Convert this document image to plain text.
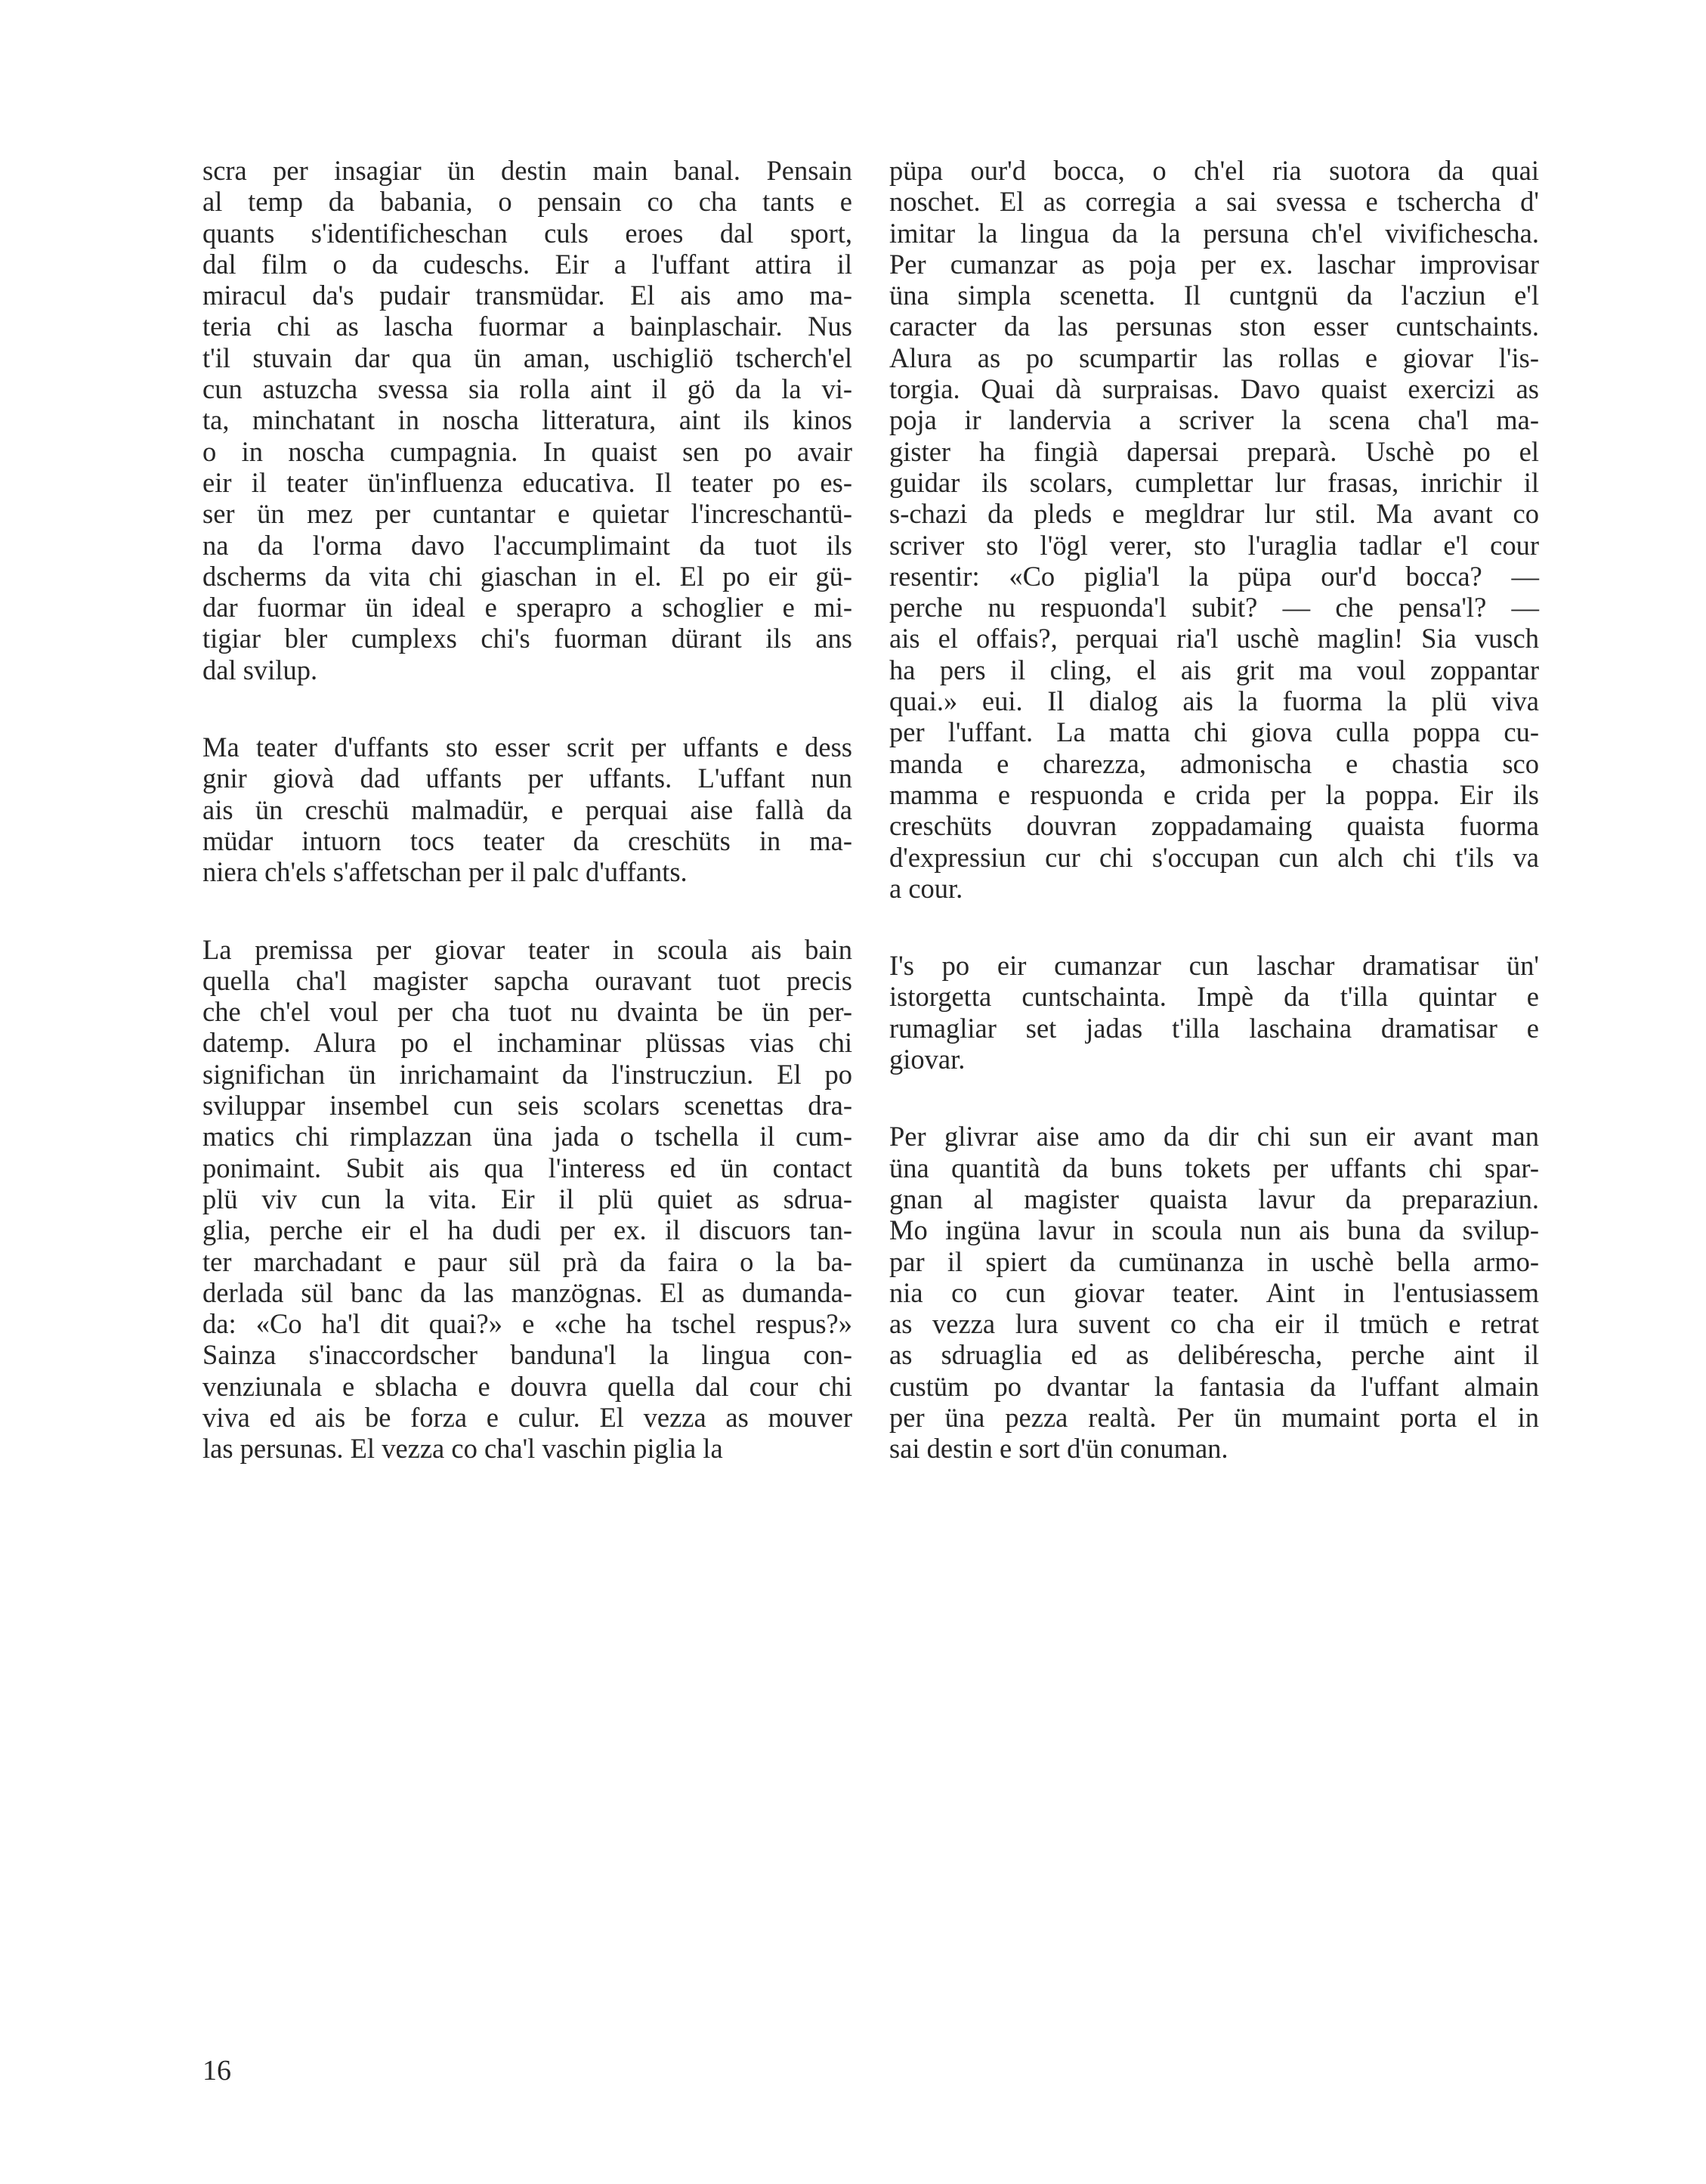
scra per insagiar ün destin main banal. Pensain
al temp da babania, o pensain co cha tants e
quants s'identificheschan culs eroes dal sport,
dal film o da cudeschs. Eir a l'uffant attira il
miracul da's pudair transmüdar. El ais amo ma-
teria chi as lascha fuormar a bainplaschair. Nus
t'il stuvain dar qua ün aman, uschigliö tscherch'el
cun astuzcha svessa sia rolla aint il gö da la vi-
ta, minchatant in noscha litteratura, aint ils kinos
o in noscha cumpagnia. In quaist sen po avair
eir il teater ün'influenza educativa. Il teater po es-
ser ün mez per cuntantar e quietar l'increschantü-
na da l'orma davo l'accumplimaint da tuot ils
dscherms da vita chi giaschan in el. El po eir gü-
dar fuormar ün ideal e sperapro a schoglier e mi-
tigiar bler cumplexs chi's fuorman dürant ils ans
dal svilup.
Ma teater d'uffants sto esser scrit per uffants e dess
gnir giovà dad uffants per uffants. L'uffant nun
ais ün creschü malmadür, e perquai aise fallà da
müdar intuorn tocs teater da creschüts in ma-
niera ch'els s'affetschan per il palc d'uffants.
La premissa per giovar teater in scoula ais bain
quella cha'l magister sapcha ouravant tuot precis
che ch'el voul per cha tuot nu dvainta be ün per-
datemp. Alura po el inchaminar plüssas vias chi
significhan ün inrichamaint da l'instrucziun. El po
sviluppar insembel cun seis scolars scenettas dra-
matics chi rimplazzan üna jada o tschella il cum-
ponimaint. Subit ais qua l'interess ed ün contact
plü viv cun la vita. Eir il plü quiet as sdrua-
glia, perche eir el ha dudi per ex. il discuors tan-
ter marchadant e paur sül prà da faira o la ba-
derlada sül banc da las manzögnas. El as dumanda-
da: «Co ha'l dit quai?» e «che ha tschel respus?»
Sainza s'inaccordscher banduna'l la lingua con-
venziunala e sblacha e douvra quella dal cour chi
viva ed ais be forza e culur. El vezza as mouver
las persunas. El vezza co cha'l vaschin piglia la
püpa our'd bocca, o ch'el ria suotora da quai
noschet. El as corregia a sai svessa e tschercha d'
imitar la lingua da la persuna ch'el vivifichescha.
Per cumanzar as poja per ex. laschar improvisar
üna simpla scenetta. Il cuntgnü da l'acziun e'l
caracter da las persunas ston esser cuntschaints.
Alura as po scumpartir las rollas e giovar l'is-
torgia. Quai dà surpraisas. Davo quaist exercizi as
poja ir landervia a scriver la scena cha'l ma-
gister ha fingià dapersai preparà. Uschè po el
guidar ils scolars, cumplettar lur frasas, inrichir il
s-chazi da pleds e megldrar lur stil. Ma avant co
scriver sto l'ögl verer, sto l'uraglia tadlar e'l cour
resentir: «Co piglia'l la püpa our'd bocca? —
perche nu respuonda'l subit? — che pensa'l? —
ais el offais?, perquai ria'l uschè maglin! Sia vusch
ha pers il cling, el ais grit ma voul zoppantar
quai.» eui. Il dialog ais la fuorma la plü viva
per l'uffant. La matta chi giova culla poppa cu-
manda e charezza, admonischa e chastia sco
mamma e respuonda e crida per la poppa. Eir ils
creschüts douvran zoppadamaing quaista fuorma
d'expressiun cur chi s'occupan cun alch chi t'ils va
a cour.
I's po eir cumanzar cun laschar dramatisar ün'
istorgetta cuntschainta. Impè da t'illa quintar e
rumagliar set jadas t'illa laschaina dramatisar e
giovar.
Per glivrar aise amo da dir chi sun eir avant man
üna quantità da buns tokets per uffants chi spar-
gnan al magister quaista lavur da preparaziun.
Mo ingüna lavur in scoula nun ais buna da svilup-
par il spiert da cumünanza in uschè bella armo-
nia co cun giovar teater. Aint in l'entusiassem
as vezza lura suvent co cha eir il tmüch e retrat
as sdruaglia ed as delibérescha, perche aint il
custüm po dvantar la fantasia da l'uffant almain
per üna pezza realtà. Per ün mumaint porta el in
sai destin e sort d'ün conuman.
16
